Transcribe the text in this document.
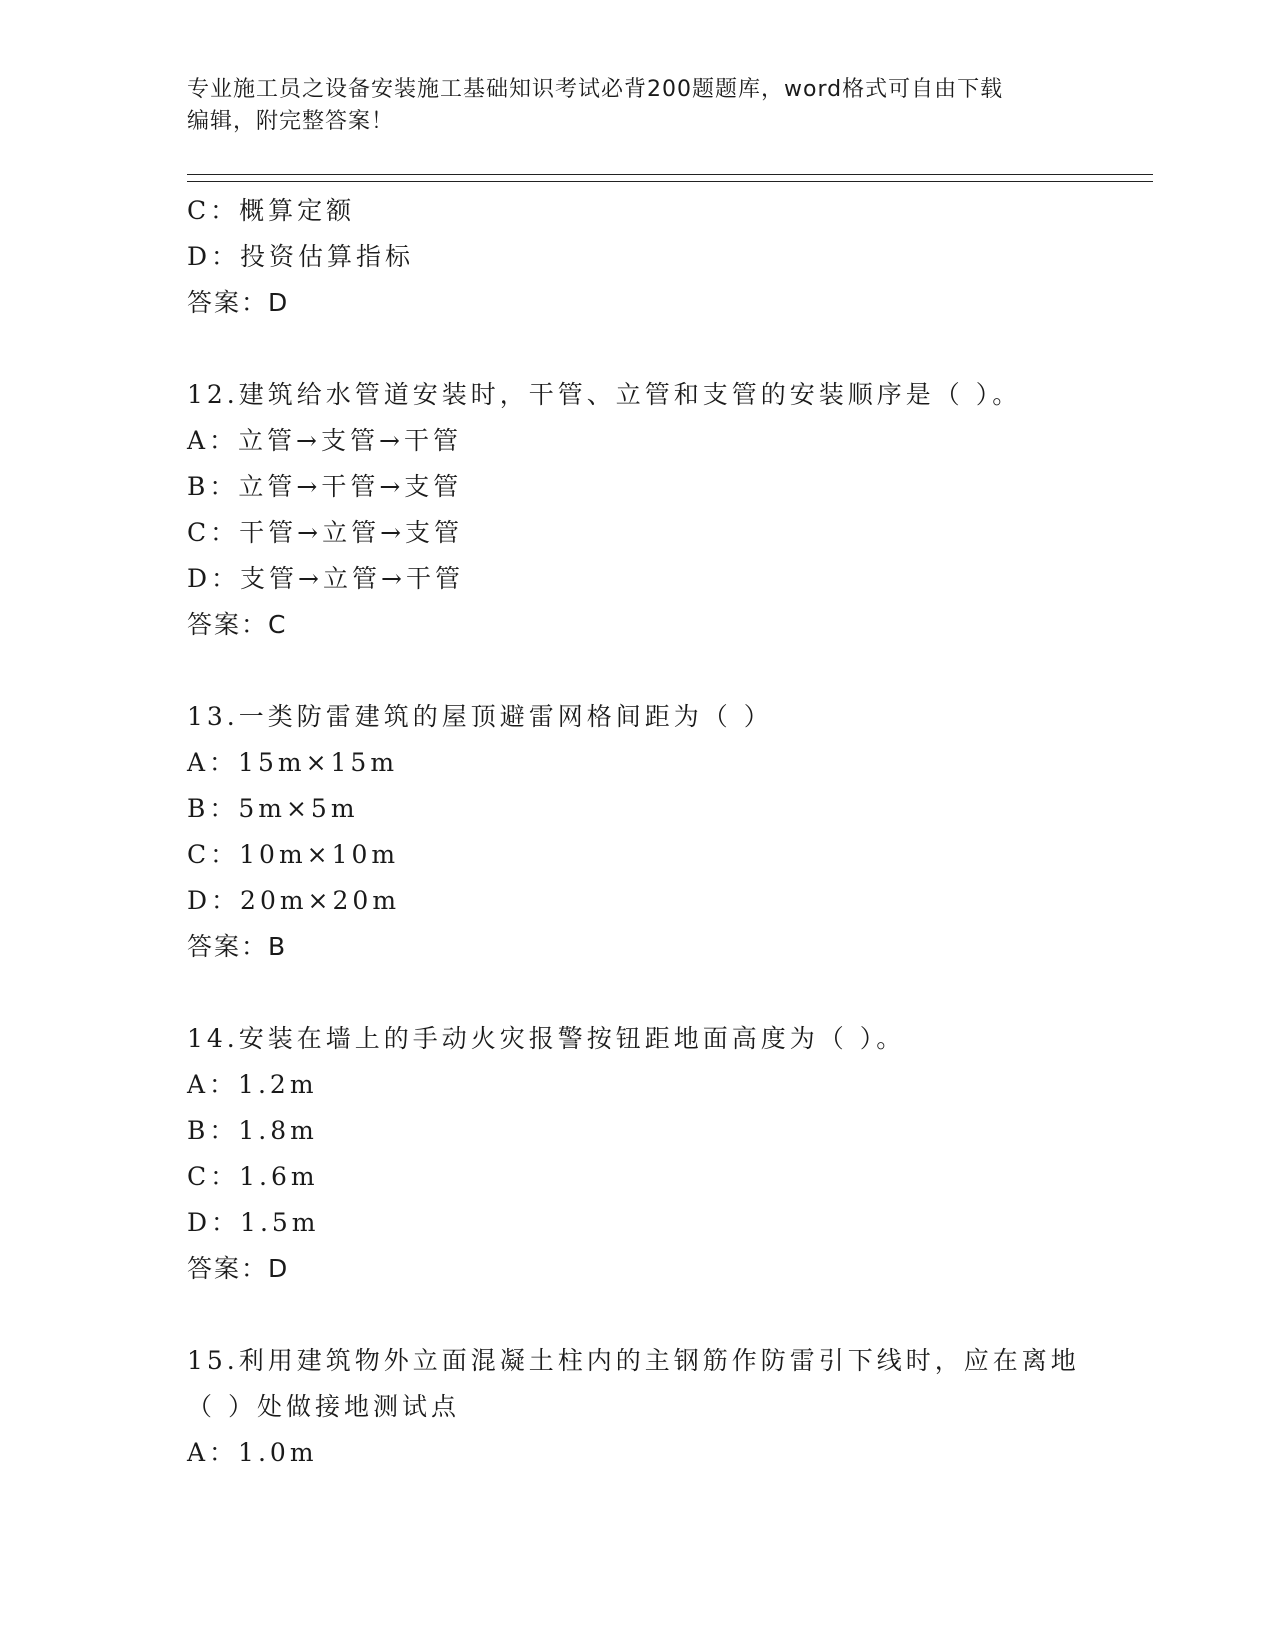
专业施工员之设备安装施工基础知识考试必背200题题库，word格式可自由下载
编辑，附完整答案！
C：概算定额
D：投资估算指标
答案：D
12.建筑给水管道安装时，干管、立管和支管的安装顺序是（ ）。
A：立管→支管→干管
B：立管→干管→支管
C：干管→立管→支管
D：支管→立管→干管
答案：C
13.一类防雷建筑的屋顶避雷网格间距为（ ）
A：15m×15m
B：5m×5m
C：10m×10m
D：20m×20m
答案：B
14.安装在墙上的手动火灾报警按钮距地面高度为（ ）。
A：1.2m
B：1.8m
C：1.6m
D：1.5m
答案：D
15.利用建筑物外立面混凝土柱内的主钢筋作防雷引下线时，应在离地
（ ）处做接地测试点
A：1.0m
